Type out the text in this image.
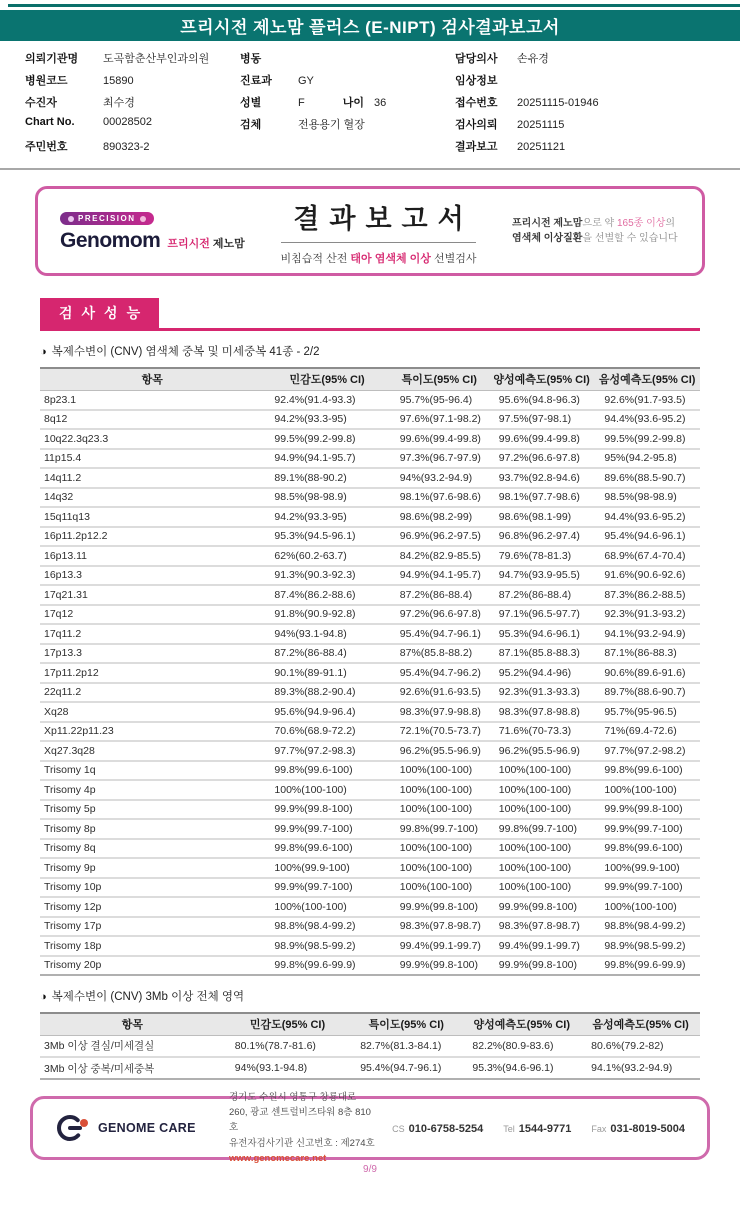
프리시전 제노맘 플러스 (E-NIPT) 검사결과보고서
의뢰기관명	도곡함춘산부인과의원
병원코드	15890
수진자	최수경
Chart No.	00028502
주민번호	890323-2
병동
진료과	GY
성별	F	나이 36
검체	전용용기 혈장
담당의사	손유경
임상정보
접수번호	20251115-01946
검사의뢰	20251115
결과보고	20251121
PRECISION
Genomom 프리시전 제노맘
결과보고서
비침습적 산전 태아 염색체 이상 선별검사
프리시전 제노맘으로 약 165종 이상의
염색체 이상질환을 선별할 수 있습니다
검사성능
◑ 복제수변이 (CNV) 염색체 중복 및 미세중복 41종 - 2/2
항목	민감도(95% CI)	특이도(95% CI)	양성예측도(95% CI)	음성예측도(95% CI)
8p23.1	92.4%(91.4-93.3)	95.7%(95-96.4)	95.6%(94.8-96.3)	92.6%(91.7-93.5)
8q12	94.2%(93.3-95)	97.6%(97.1-98.2)	97.5%(97-98.1)	94.4%(93.6-95.2)
10q22.3q23.3	99.5%(99.2-99.8)	99.6%(99.4-99.8)	99.6%(99.4-99.8)	99.5%(99.2-99.8)
11p15.4	94.9%(94.1-95.7)	97.3%(96.7-97.9)	97.2%(96.6-97.8)	95%(94.2-95.8)
14q11.2	89.1%(88-90.2)	94%(93.2-94.9)	93.7%(92.8-94.6)	89.6%(88.5-90.7)
14q32	98.5%(98-98.9)	98.1%(97.6-98.6)	98.1%(97.7-98.6)	98.5%(98-98.9)
15q11q13	94.2%(93.3-95)	98.6%(98.2-99)	98.6%(98.1-99)	94.4%(93.6-95.2)
16p11.2p12.2	95.3%(94.5-96.1)	96.9%(96.2-97.5)	96.8%(96.2-97.4)	95.4%(94.6-96.1)
16p13.11	62%(60.2-63.7)	84.2%(82.9-85.5)	79.6%(78-81.3)	68.9%(67.4-70.4)
16p13.3	91.3%(90.3-92.3)	94.9%(94.1-95.7)	94.7%(93.9-95.5)	91.6%(90.6-92.6)
17q21.31	87.4%(86.2-88.6)	87.2%(86-88.4)	87.2%(86-88.4)	87.3%(86.2-88.5)
17q12	91.8%(90.9-92.8)	97.2%(96.6-97.8)	97.1%(96.5-97.7)	92.3%(91.3-93.2)
17q11.2	94%(93.1-94.8)	95.4%(94.7-96.1)	95.3%(94.6-96.1)	94.1%(93.2-94.9)
17p13.3	87.2%(86-88.4)	87%(85.8-88.2)	87.1%(85.8-88.3)	87.1%(86-88.3)
17p11.2p12	90.1%(89-91.1)	95.4%(94.7-96.2)	95.2%(94.4-96)	90.6%(89.6-91.6)
22q11.2	89.3%(88.2-90.4)	92.6%(91.6-93.5)	92.3%(91.3-93.3)	89.7%(88.6-90.7)
Xq28	95.6%(94.9-96.4)	98.3%(97.9-98.8)	98.3%(97.8-98.8)	95.7%(95-96.5)
Xp11.22p11.23	70.6%(68.9-72.2)	72.1%(70.5-73.7)	71.6%(70-73.3)	71%(69.4-72.6)
Xq27.3q28	97.7%(97.2-98.3)	96.2%(95.5-96.9)	96.2%(95.5-96.9)	97.7%(97.2-98.2)
Trisomy 1q	99.8%(99.6-100)	100%(100-100)	100%(100-100)	99.8%(99.6-100)
Trisomy 4p	100%(100-100)	100%(100-100)	100%(100-100)	100%(100-100)
Trisomy 5p	99.9%(99.8-100)	100%(100-100)	100%(100-100)	99.9%(99.8-100)
Trisomy 8p	99.9%(99.7-100)	99.8%(99.7-100)	99.8%(99.7-100)	99.9%(99.7-100)
Trisomy 8q	99.8%(99.6-100)	100%(100-100)	100%(100-100)	99.8%(99.6-100)
Trisomy 9p	100%(99.9-100)	100%(100-100)	100%(100-100)	100%(99.9-100)
Trisomy 10p	99.9%(99.7-100)	100%(100-100)	100%(100-100)	99.9%(99.7-100)
Trisomy 12p	100%(100-100)	99.9%(99.8-100)	99.9%(99.8-100)	100%(100-100)
Trisomy 17p	98.8%(98.4-99.2)	98.3%(97.8-98.7)	98.3%(97.8-98.7)	98.8%(98.4-99.2)
Trisomy 18p	98.9%(98.5-99.2)	99.4%(99.1-99.7)	99.4%(99.1-99.7)	98.9%(98.5-99.2)
Trisomy 20p	99.8%(99.6-99.9)	99.9%(99.8-100)	99.9%(99.8-100)	99.8%(99.6-99.9)
◑ 복제수변이 (CNV) 3Mb 이상 전체 영역
항목	민감도(95% CI)	특이도(95% CI)	양성예측도(95% CI)	음성예측도(95% CI)
3Mb 이상 결실/미세결실	80.1%(78.7-81.6)	82.7%(81.3-84.1)	82.2%(80.9-83.6)	80.6%(79.2-82)
3Mb 이상 중복/미세중복	94%(93.1-94.8)	95.4%(94.7-96.1)	95.3%(94.6-96.1)	94.1%(93.2-94.9)
GENOME CARE
경기도 수원시 영통구 창룡대로 260, 광교 센트럴비즈타워 8층 810호
유전자검사기관 신고번호 : 제274호
www.genomecare.net
CS 010-6758-5254 Tel 1544-9771 Fax 031-8019-5004
9/9
